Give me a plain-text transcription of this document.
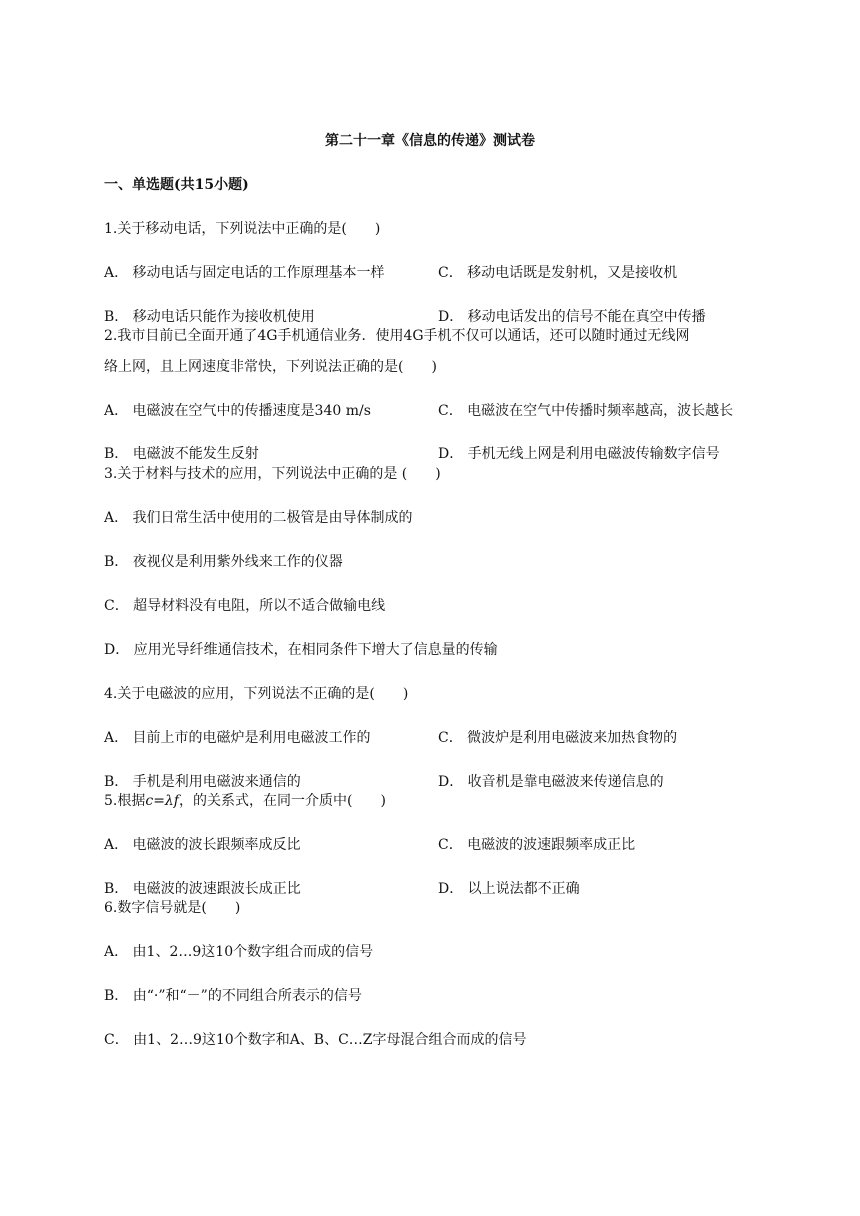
第二十一章《信息的传递》测试卷
一、单选题(共15小题)
1.关于移动电话，下列说法中正确的是(　　)
A． 移动电话与固定电话的工作原理基本一样	C． 移动电话既是发射机，又是接收机
B． 移动电话只能作为接收机使用	D． 移动电话发出的信号不能在真空中传播
2.我市目前已全面开通了4G手机通信业务．使用4G手机不仅可以通话，还可以随时通过无线网
络上网，且上网速度非常快，下列说法正确的是(　　)
A． 电磁波在空气中的传播速度是340 m/s	C． 电磁波在空气中传播时频率越高，波长越长
B． 电磁波不能发生反射	D． 手机无线上网是利用电磁波传输数字信号
3.关于材料与技术的应用，下列说法中正确的是 (　　)
A． 我们日常生活中使用的二极管是由导体制成的
B． 夜视仪是利用紫外线来工作的仪器
C． 超导材料没有电阻，所以不适合做输电线
D． 应用光导纤维通信技术，在相同条件下增大了信息量的传输
4.关于电磁波的应用，下列说法不正确的是(　　)
A． 目前上市的电磁炉是利用电磁波工作的	C． 微波炉是利用电磁波来加热食物的
B． 手机是利用电磁波来通信的	D． 收音机是靠电磁波来传递信息的
5.根据c=λf，的关系式，在同一介质中(　　)
A． 电磁波的波长跟频率成反比	C． 电磁波的波速跟频率成正比
B． 电磁波的波速跟波长成正比	D． 以上说法都不正确
6.数字信号就是(　　)
A． 由1、2…9这10个数字组合而成的信号
B． 由“·”和“－”的不同组合所表示的信号
C． 由1、2…9这10个数字和A、B、C…Z字母混合组合而成的信号
